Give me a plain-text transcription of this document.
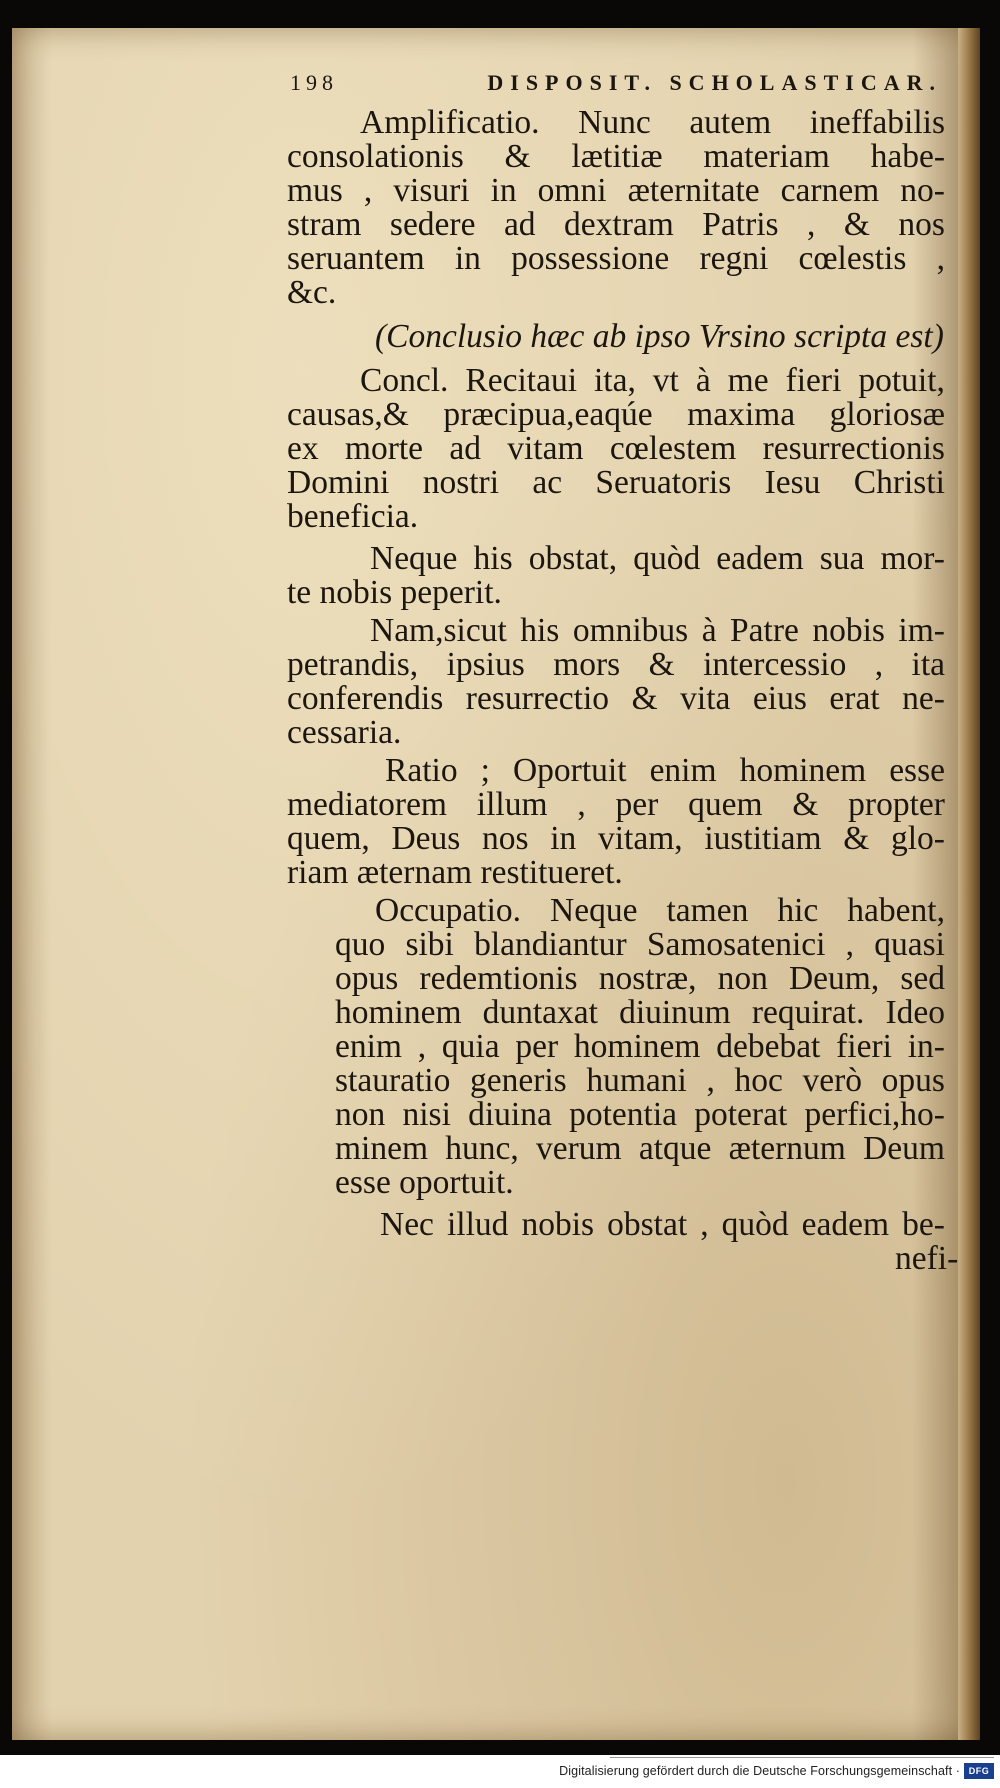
198	DISPOSIT. SCHOLASTICAR.
Amplificatio. Nunc autem ineffabilis
consolationis & lætitiæ materiam habe-
mus , visuri in omni æternitate carnem no-
stram sedere ad dextram Patris , & nos
seruantem in possessione regni cœlestis ,
&c.
(Conclusio hæc ab ipso Vrsino scripta est)
Concl. Recitaui ita, vt à me fieri potuit,
causas,& præcipua,eaqúe maxima gloriosæ
ex morte ad vitam cœlestem resurrectionis
Domini nostri ac Seruatoris Iesu Christi
beneficia.
Neque his obstat, quòd eadem sua mor-
te nobis peperit.
Nam,sicut his omnibus à Patre nobis im-
petrandis, ipsius mors & intercessio , ita
conferendis resurrectio & vita eius erat ne-
cessaria.
Ratio ; Oportuit enim hominem esse
mediatorem illum , per quem & propter
quem, Deus nos in vitam, iustitiam & glo-
riam æternam restitueret.
Occupatio. Neque tamen hic habent,
quo sibi blandiantur Samosatenici , quasi
opus redemtionis nostræ, non Deum, sed
hominem duntaxat diuinum requirat. Ideo
enim , quia per hominem debebat fieri in-
stauratio generis humani , hoc verò opus
non nisi diuina potentia poterat perfici,ho-
minem hunc, verum atque æternum Deum
esse oportuit.
Nec illud nobis obstat , quòd eadem be-
nefi-
Digitalisierung gefördert durch die Deutsche Forschungsgemeinschaft · DFG
